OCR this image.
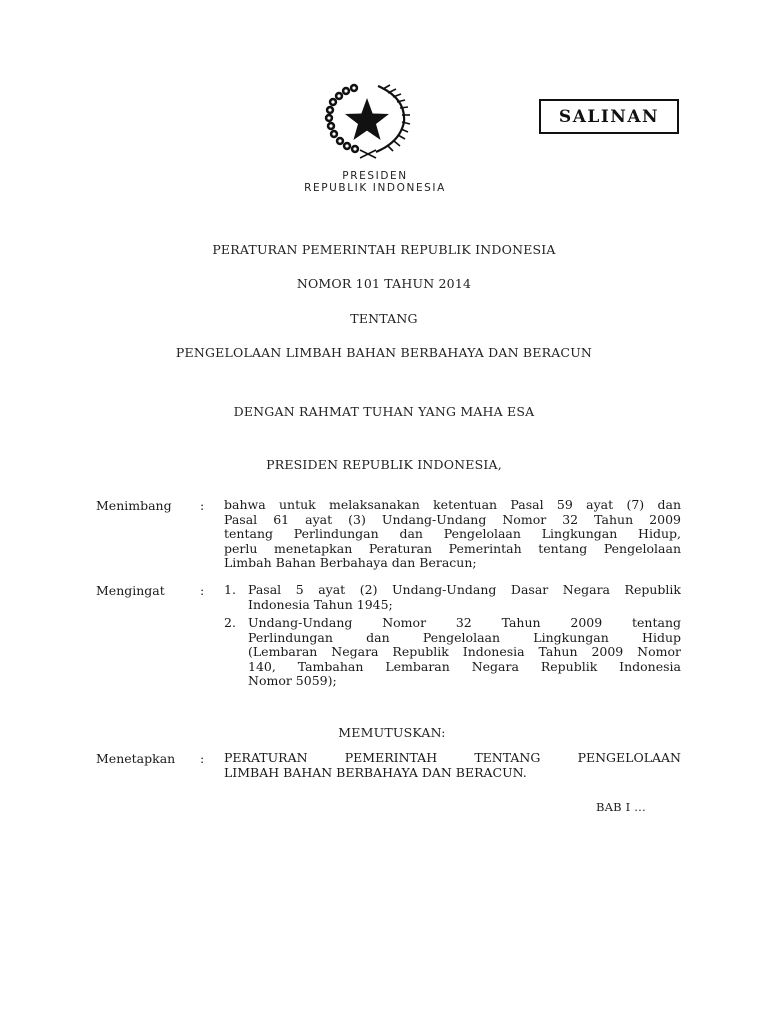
PRESIDEN
REPUBLIK INDONESIA
SALINAN
PERATURAN PEMERINTAH REPUBLIK INDONESIA
NOMOR 101 TAHUN 2014
TENTANG
PENGELOLAAN LIMBAH BAHAN BERBAHAYA DAN BERACUN
DENGAN RAHMAT TUHAN YANG MAHA ESA
PRESIDEN REPUBLIK INDONESIA,
Menimbang : bahwa untuk melaksanakan ketentuan Pasal 59 ayat (7) dan
Pasal 61 ayat (3) Undang-Undang Nomor 32 Tahun 2009
tentang Perlindungan dan Pengelolaan Lingkungan Hidup,
perlu menetapkan Peraturan Pemerintah tentang Pengelolaan
Limbah Bahan Berbahaya dan Beracun;
Mengingat	: 1. Pasal 5 ayat (2) Undang-Undang Dasar Negara Republik
Indonesia Tahun 1945;
2. Undang-Undang Nomor 32 Tahun 2009 tentang
Perlindungan dan Pengelolaan Lingkungan Hidup
(Lembaran Negara Republik Indonesia Tahun 2009 Nomor
140, Tambahan Lembaran Negara Republik Indonesia
Nomor 5059);
MEMUTUSKAN:
Menetapkan : PERATURAN PEMERINTAH TENTANG PENGELOLAAN
LIMBAH BAHAN BERBAHAYA DAN BERACUN.
BAB I ...
